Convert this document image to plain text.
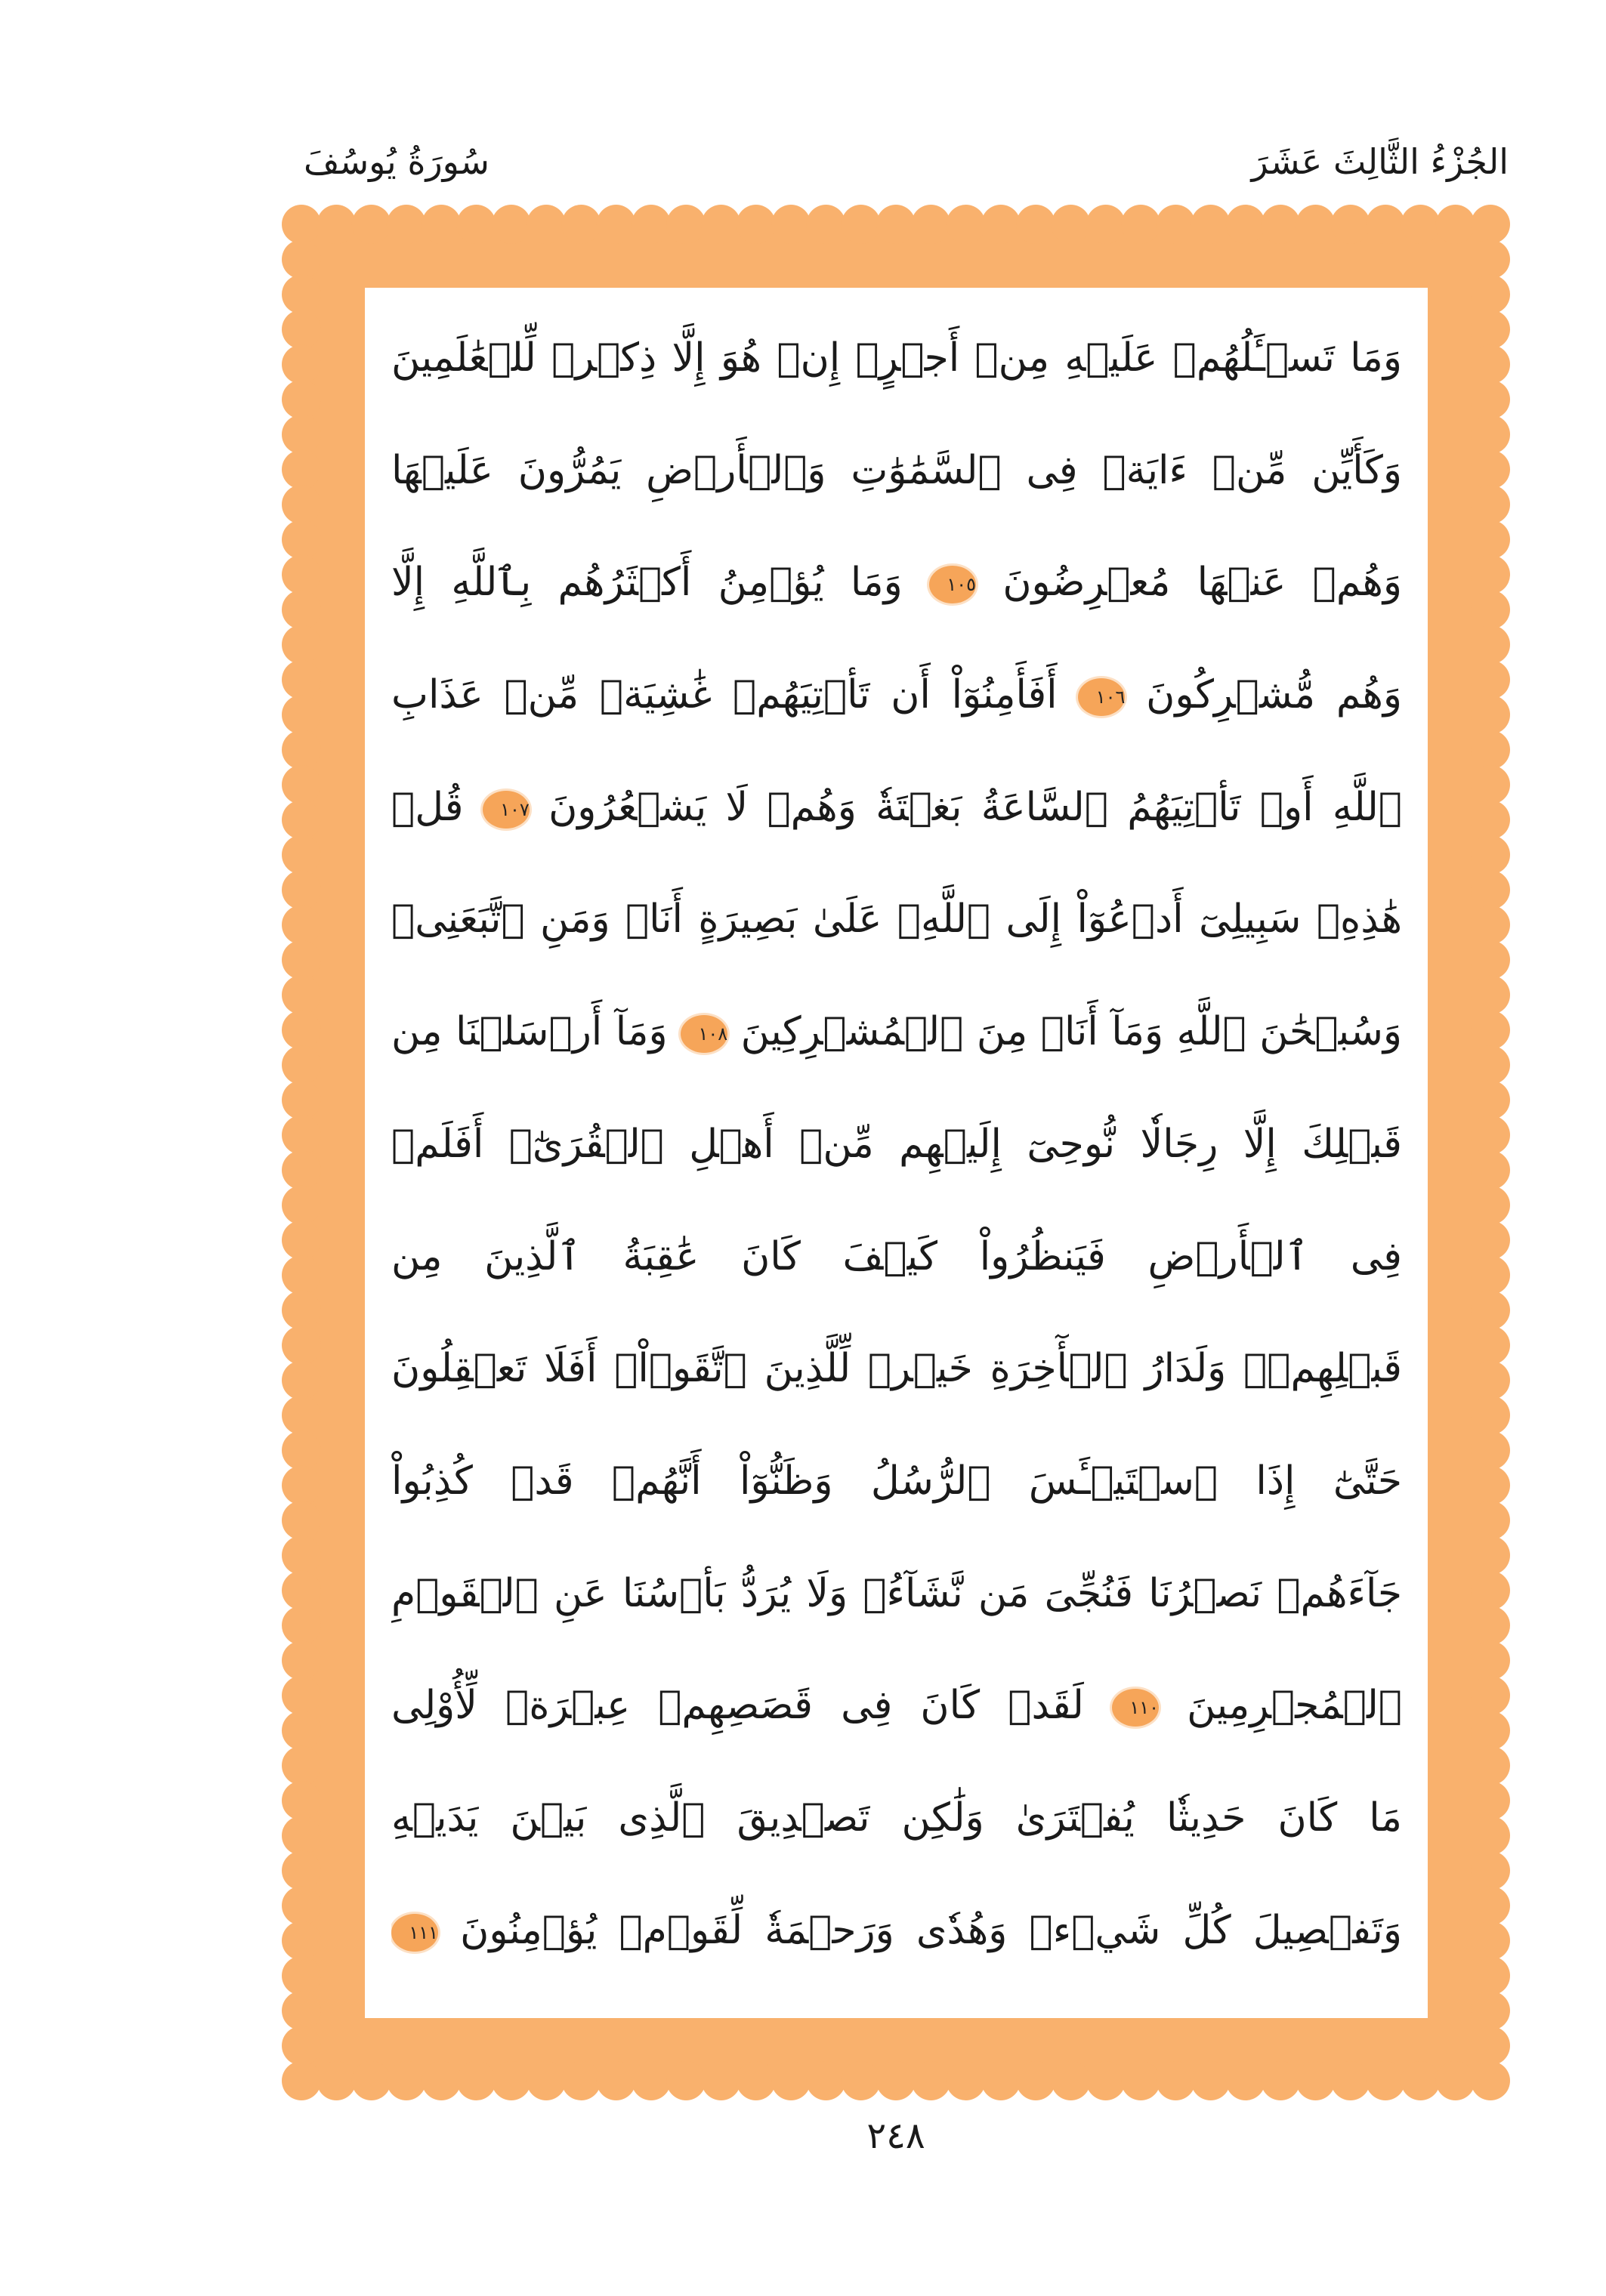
الجُزْءُ الثَّالِثَ عَشَرَ
سُورَةُ يُوسُفَ
وَمَا تَسۡـَٔلُهُمۡ عَلَيۡهِ مِنۡ أَجۡرٍۚ إِنۡ هُوَ إِلَّا ذِكۡرٞ لِّلۡعَٰلَمِينَ
وَكَأَيِّن مِّنۡ ءَايَةٖ فِى ٱلسَّمَٰوَٰتِ وَٱلۡأَرۡضِ يَمُرُّونَ عَلَيۡهَا
وَهُمۡ عَنۡهَا مُعۡرِضُونَ ١٠٥ وَمَا يُؤۡمِنُ أَكۡثَرُهُم بِٱللَّهِ إِلَّا
وَهُم مُّشۡرِكُونَ ١٠٦ أَفَأَمِنُوٓاْ أَن تَأۡتِيَهُمۡ غَٰشِيَةٞ مِّنۡ عَذَابِ
ٱللَّهِ أَوۡ تَأۡتِيَهُمُ ٱلسَّاعَةُ بَغۡتَةٗ وَهُمۡ لَا يَشۡعُرُونَ ١٠٧ قُلۡ
هَٰذِهِۦ سَبِيلِىٓ أَدۡعُوٓاْ إِلَى ٱللَّهِۚ عَلَىٰ بَصِيرَةٍ أَنَا۠ وَمَنِ ٱتَّبَعَنِىۖ
وَسُبۡحَٰنَ ٱللَّهِ وَمَآ أَنَا۠ مِنَ ٱلۡمُشۡرِكِينَ ١٠٨ وَمَآ أَرۡسَلۡنَا مِن
قَبۡلِكَ إِلَّا رِجَالٗا نُّوحِىٓ إِلَيۡهِم مِّنۡ أَهۡلِ ٱلۡقُرَىٰٓۗ أَفَلَمۡ
فِى ٱلۡأَرۡضِ فَيَنظُرُواْ كَيۡفَ كَانَ عَٰقِبَةُ ٱلَّذِينَ مِن
قَبۡلِهِمۡۗ وَلَدَارُ ٱلۡأٓخِرَةِ خَيۡرٞ لِّلَّذِينَ ٱتَّقَوۡاْۚ أَفَلَا تَعۡقِلُونَ
حَتَّىٰٓ إِذَا ٱسۡتَيۡـَٔسَ ٱلرُّسُلُ وَظَنُّوٓاْ أَنَّهُمۡ قَدۡ كُذِبُواْ
جَآءَهُمۡ نَصۡرُنَا فَنُجِّىَ مَن نَّشَآءُۖ وَلَا يُرَدُّ بَأۡسُنَا عَنِ ٱلۡقَوۡمِ
ٱلۡمُجۡرِمِينَ ١١٠ لَقَدۡ كَانَ فِى قَصَصِهِمۡ عِبۡرَةٞ لِّأُوْلِى
مَا كَانَ حَدِيثٗا يُفۡتَرَىٰ وَلَٰكِن تَصۡدِيقَ ٱلَّذِى بَيۡنَ يَدَيۡهِ
وَتَفۡصِيلَ كُلِّ شَيۡءٖ وَهُدٗى وَرَحۡمَةٗ لِّقَوۡمٖ يُؤۡمِنُونَ ١١١
٢٤٨
